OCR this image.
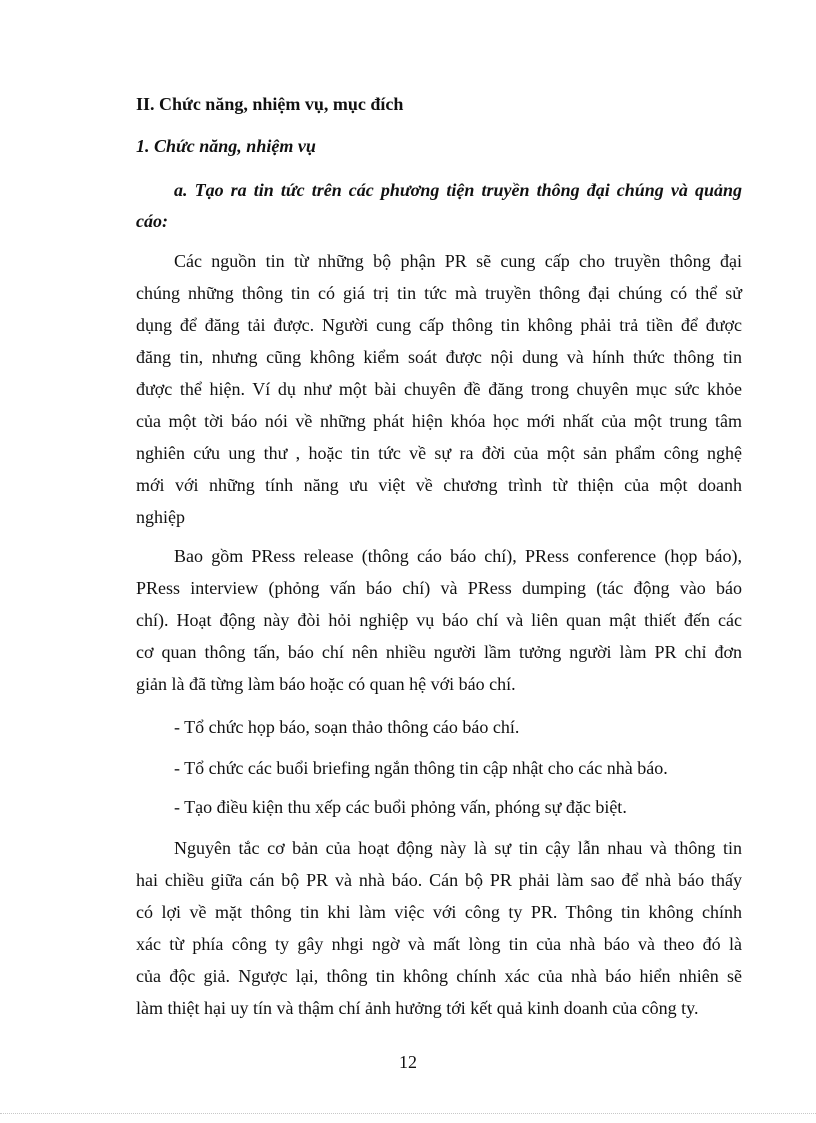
II. Chức năng, nhiệm vụ, mục đích
1. Chức năng, nhiệm vụ
a. Tạo ra tin tức trên các phương tiện truyền thông đại chúng và quảng cáo:
Các nguồn tin từ những bộ phận PR sẽ cung cấp cho truyền thông đại
chúng những thông tin có giá trị tin tức mà truyền thông đại chúng có thể sử
dụng để đăng tải được. Người cung cấp thông tin không phải trả tiền để được
đăng tin, nhưng cũng không kiểm soát được nội dung và hính thức thông tin
được thể hiện. Ví dụ như một bài chuyên đề đăng trong chuyên mục sức khỏe
của một tời báo nói về những phát hiện khóa học mới nhất của một trung tâm
nghiên cứu ung thư , hoặc tin tức về sự ra đời của một sản phẩm công nghệ
mới với những tính năng ưu việt về chương trình từ thiện của một doanh
nghiệp
Bao gồm PRess release (thông cáo báo chí), PRess conference (họp báo),
PRess interview (phỏng vấn báo chí) và PRess dumping (tác động vào báo
chí). Hoạt động này đòi hỏi nghiệp vụ báo chí và liên quan mật thiết đến các
cơ quan thông tấn, báo chí nên nhiều người lầm tưởng người làm PR chỉ đơn
giản là đã từng làm báo hoặc có quan hệ với báo chí.

- Tổ chức họp báo, soạn thảo thông cáo báo chí.

- Tổ chức các buổi briefing ngắn thông tin cập nhật cho các nhà báo.

- Tạo điều kiện thu xếp các buổi phỏng vấn, phóng sự đặc biệt.

Nguyên tắc cơ bản của hoạt động này là sự tin cậy lẫn nhau và thông tin
hai chiều giữa cán bộ PR và nhà báo. Cán bộ PR phải làm sao để nhà báo thấy
có lợi về mặt thông tin khi làm việc với công ty PR. Thông tin không chính
xác từ phía công ty gây nhgi ngờ và mất lòng tin của nhà báo và theo đó là
của độc giả. Ngược lại, thông tin không chính xác của nhà báo hiển nhiên sẽ
làm thiệt hại uy tín và thậm chí ảnh hưởng tới kết quả kinh doanh của công ty.

12
